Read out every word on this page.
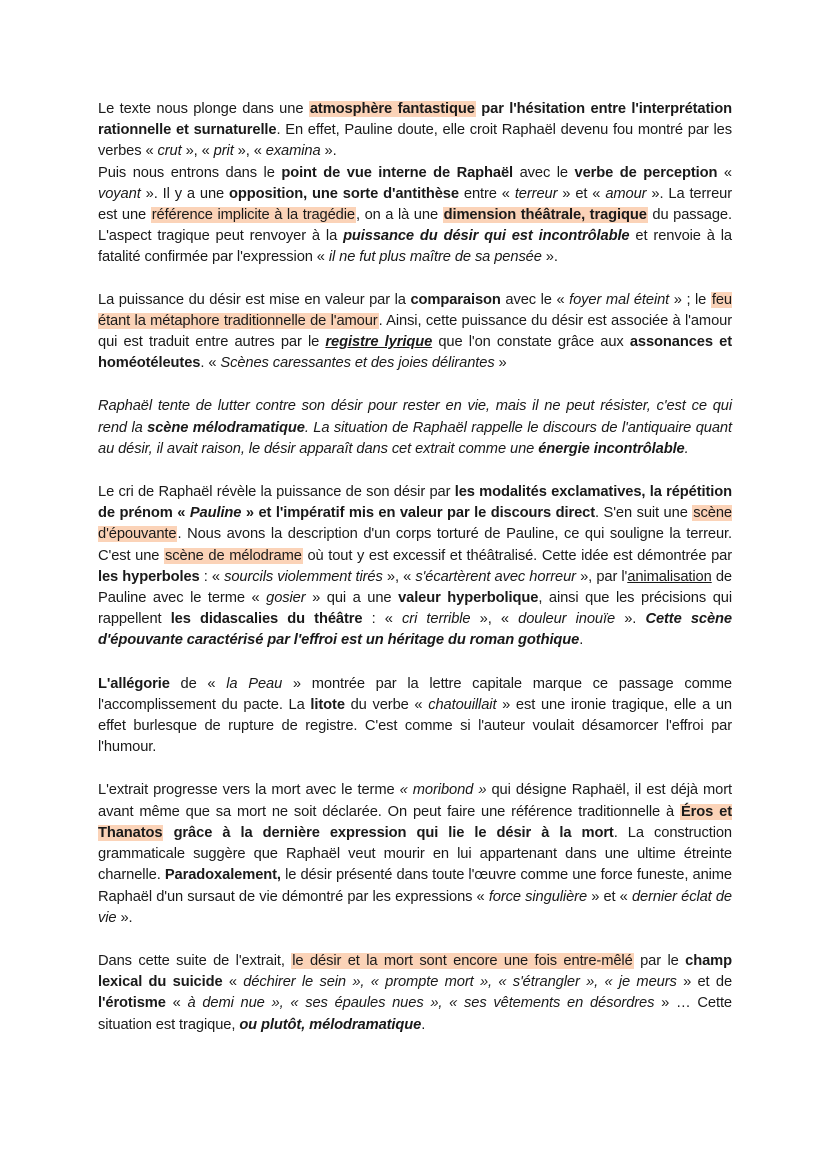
Le texte nous plonge dans une atmosphère fantastique par l'hésitation entre l'interprétation rationnelle et surnaturelle. En effet, Pauline doute, elle croit Raphaël devenu fou montré par les verbes « crut », « prit », « examina ».
Puis nous entrons dans le point de vue interne de Raphaël avec le verbe de perception « voyant ». Il y a une opposition, une sorte d'antithèse entre « terreur » et « amour ». La terreur est une référence implicite à la tragédie, on a là une dimension théâtrale, tragique du passage. L'aspect tragique peut renvoyer à la puissance du désir qui est incontrôlable et renvoie à la fatalité confirmée par l'expression « il ne fut plus maître de sa pensée ».

La puissance du désir est mise en valeur par la comparaison avec le « foyer mal éteint » ; le feu étant la métaphore traditionnelle de l'amour. Ainsi, cette puissance du désir est associée à l'amour qui est traduit entre autres par le registre lyrique que l'on constate grâce aux assonances et homéotéleutes. « Scènes caressantes et des joies délirantes »

Raphaël tente de lutter contre son désir pour rester en vie, mais il ne peut résister, c'est ce qui rend la scène mélodramatique. La situation de Raphaël rappelle le discours de l'antiquaire quant au désir, il avait raison, le désir apparaît dans cet extrait comme une énergie incontrôlable.

Le cri de Raphaël révèle la puissance de son désir par les modalités exclamatives, la répétition de prénom « Pauline » et l'impératif mis en valeur par le discours direct. S'en suit une scène d'épouvante. Nous avons la description d'un corps torturé de Pauline, ce qui souligne la terreur. C'est une scène de mélodrame où tout y est excessif et théâtralisé. Cette idée est démontrée par les hyperboles : « sourcils violemment tirés », « s'écartèrent avec horreur », par l'animalisation de Pauline avec le terme « gosier » qui a une valeur hyperbolique, ainsi que les précisions qui rappellent les didascalies du théâtre : « cri terrible », « douleur inouïe ». Cette scène d'épouvante caractérisé par l'effroi est un héritage du roman gothique.

L'allégorie de « la Peau » montrée par la lettre capitale marque ce passage comme l'accomplissement du pacte. La litote du verbe « chatouillait » est une ironie tragique, elle a un effet burlesque de rupture de registre. C'est comme si l'auteur voulait désamorcer l'effroi par l'humour.

L'extrait progresse vers la mort avec le terme « moribond » qui désigne Raphaël, il est déjà mort avant même que sa mort ne soit déclarée. On peut faire une référence traditionnelle à Éros et Thanatos grâce à la dernière expression qui lie le désir à la mort. La construction grammaticale suggère que Raphaël veut mourir en lui appartenant dans une ultime étreinte charnelle. Paradoxalement, le désir présenté dans toute l'œuvre comme une force funeste, anime Raphaël d'un sursaut de vie démontré par les expressions « force singulière » et « dernier éclat de vie ».

Dans cette suite de l'extrait, le désir et la mort sont encore une fois entre-mêlé par le champ lexical du suicide « déchirer le sein », « prompte mort », « s'étrangler », « je meurs » et de l'érotisme « à demi nue », « ses épaules nues », « ses vêtements en désordres » … Cette situation est tragique, ou plutôt, mélodramatique.
